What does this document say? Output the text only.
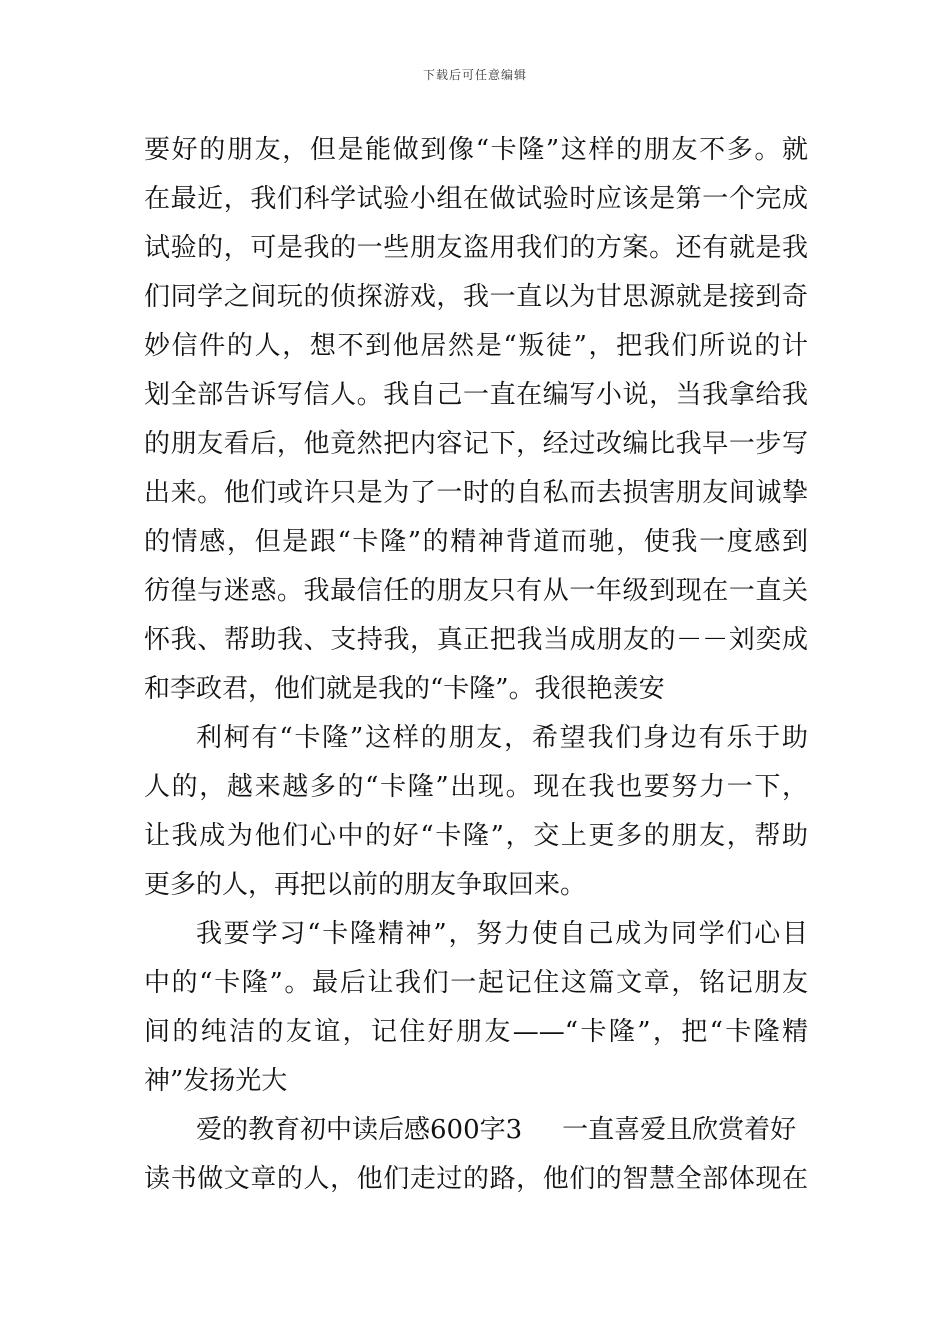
下载后可任意编辑
要好的朋友，但是能做到像“卡隆”这样的朋友不多。就
在最近，我们科学试验小组在做试验时应该是第一个完成
试验的，可是我的一些朋友盗用我们的方案。还有就是我
们同学之间玩的侦探游戏，我一直以为甘思源就是接到奇
妙信件的人，想不到他居然是“叛徒”，把我们所说的计
划全部告诉写信人。我自己一直在编写小说，当我拿给我
的朋友看后，他竟然把内容记下，经过改编比我早一步写
出来。他们或许只是为了一时的自私而去损害朋友间诚挚
的情感，但是跟“卡隆”的精神背道而驰，使我一度感到
彷徨与迷惑。我最信任的朋友只有从一年级到现在一直关
怀我、帮助我、支持我，真正把我当成朋友的－－刘奕成
和李政君，他们就是我的“卡隆”。我很艳羡安
利柯有“卡隆”这样的朋友，希望我们身边有乐于助
人的，越来越多的“卡隆”出现。现在我也要努力一下，
让我成为他们心中的好“卡隆”，交上更多的朋友，帮助
更多的人，再把以前的朋友争取回来。
我要学习“卡隆精神”，努力使自己成为同学们心目
中的“卡隆”。最后让我们一起记住这篇文章，铭记朋友
间的纯洁的友谊，记住好朋友——“卡隆”，把“卡隆精
神”发扬光大
爱的教育初中读后感600字3 一直喜爱且欣赏着好
读书做文章的人，他们走过的路，他们的智慧全部体现在
